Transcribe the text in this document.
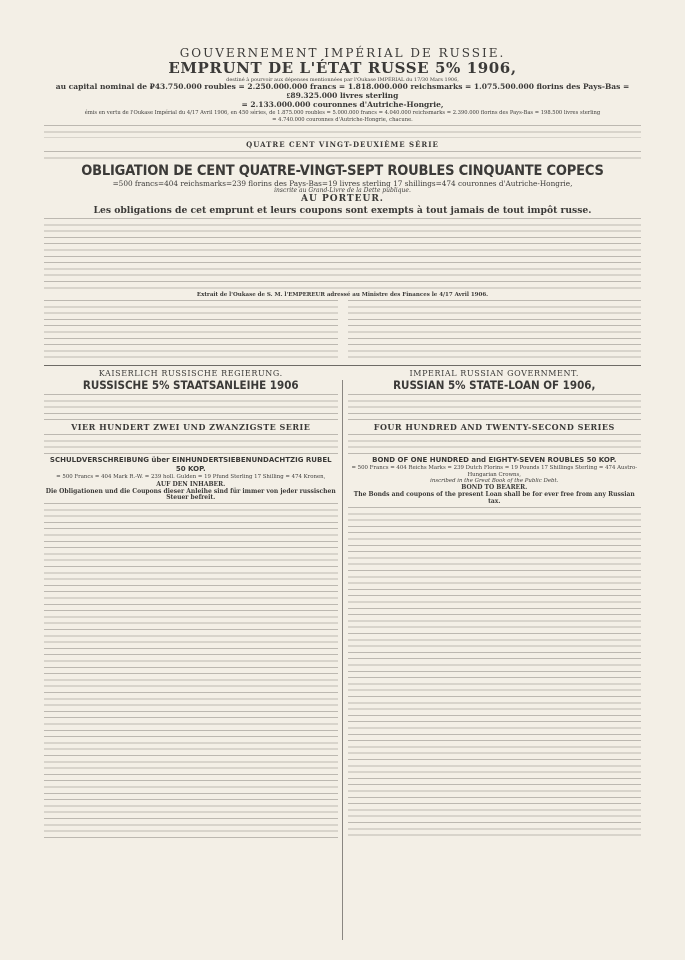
GOUVERNEMENT IMPÉRIAL DE RUSSIE.
EMPRUNT DE L'ÉTAT RUSSE 5% 1906,
destiné à pourvoir aux dépenses mentionnées par l'Oukase IMPÉRIAL du 17/30 Mars 1906,
au capital nominal de ₽43.750.000 roubles = 2.250.000.000 francs = 1.818.000.000 reichsmarks = 1.075.500.000 florins des Pays-Bas = ₤89.325.000 livres sterling
= 2.133.000.000 couronnes d'Autriche-Hongrie,
émis en vertu de l'Oukase Impérial du 4/17 Avril 1906, en 450 séries, de 1.875.000 roubles = 5.000.000 francs = 4.040.000 reichsmarks = 2.390.000 florins des Pays-Bas = 198.500 livres sterling
= 4.740.000 couronnes d'Autriche-Hongrie, chacune.
QUATRE CENT VINGT-DEUXIÈME SÉRIE
OBLIGATION DE CENT QUATRE-VINGT-SEPT ROUBLES CINQUANTE COPECS
=500 francs=404 reichsmarks=239 florins des Pays-Bas=19 livres sterling 17 shillings=474 couronnes d'Autriche-Hongrie,
inscrite au Grand-Livre de la Dette publique.
AU PORTEUR.
Les obligations de cet emprunt et leurs coupons sont exempts à tout jamais de tout impôt russe.
Extrait de l'Oukase de S. M. l'EMPEREUR adressé au Ministre des Finances le 4/17 Avril 1906.
KAISERLICH RUSSISCHE REGIERUNG.
RUSSISCHE 5% STAATSANLEIHE 1906
VIER HUNDERT ZWEI UND ZWANZIGSTE SERIE
SCHULDVERSCHREIBUNG über EINHUNDERTSIEBENUNDACHTZIG RUBEL 50 KOP.
= 500 Francs = 404 Mark R.-W. = 239 holl. Gulden = 19 Pfund Sterling 17 Shilling = 474 Kronen,
AUF DEN INHABER.
Die Obligationen und die Coupons dieser Anleihe sind für immer von jeder russischen Steuer befreit.
IMPERIAL RUSSIAN GOVERNMENT.
RUSSIAN 5% STATE-LOAN OF 1906,
FOUR HUNDRED AND TWENTY-SECOND SERIES
BOND OF ONE HUNDRED and EIGHTY-SEVEN ROUBLES 50 KOP.
= 500 Francs = 404 Reichs Marks = 239 Dutch Florins = 19 Pounds 17 Shillings Sterling = 474 Austro-Hungarian Crowns,
inscribed in the Great Book of the Public Debt.
BOND TO BEARER.
The Bonds and coupons of the present Loan shall be for ever free from any Russian tax.
